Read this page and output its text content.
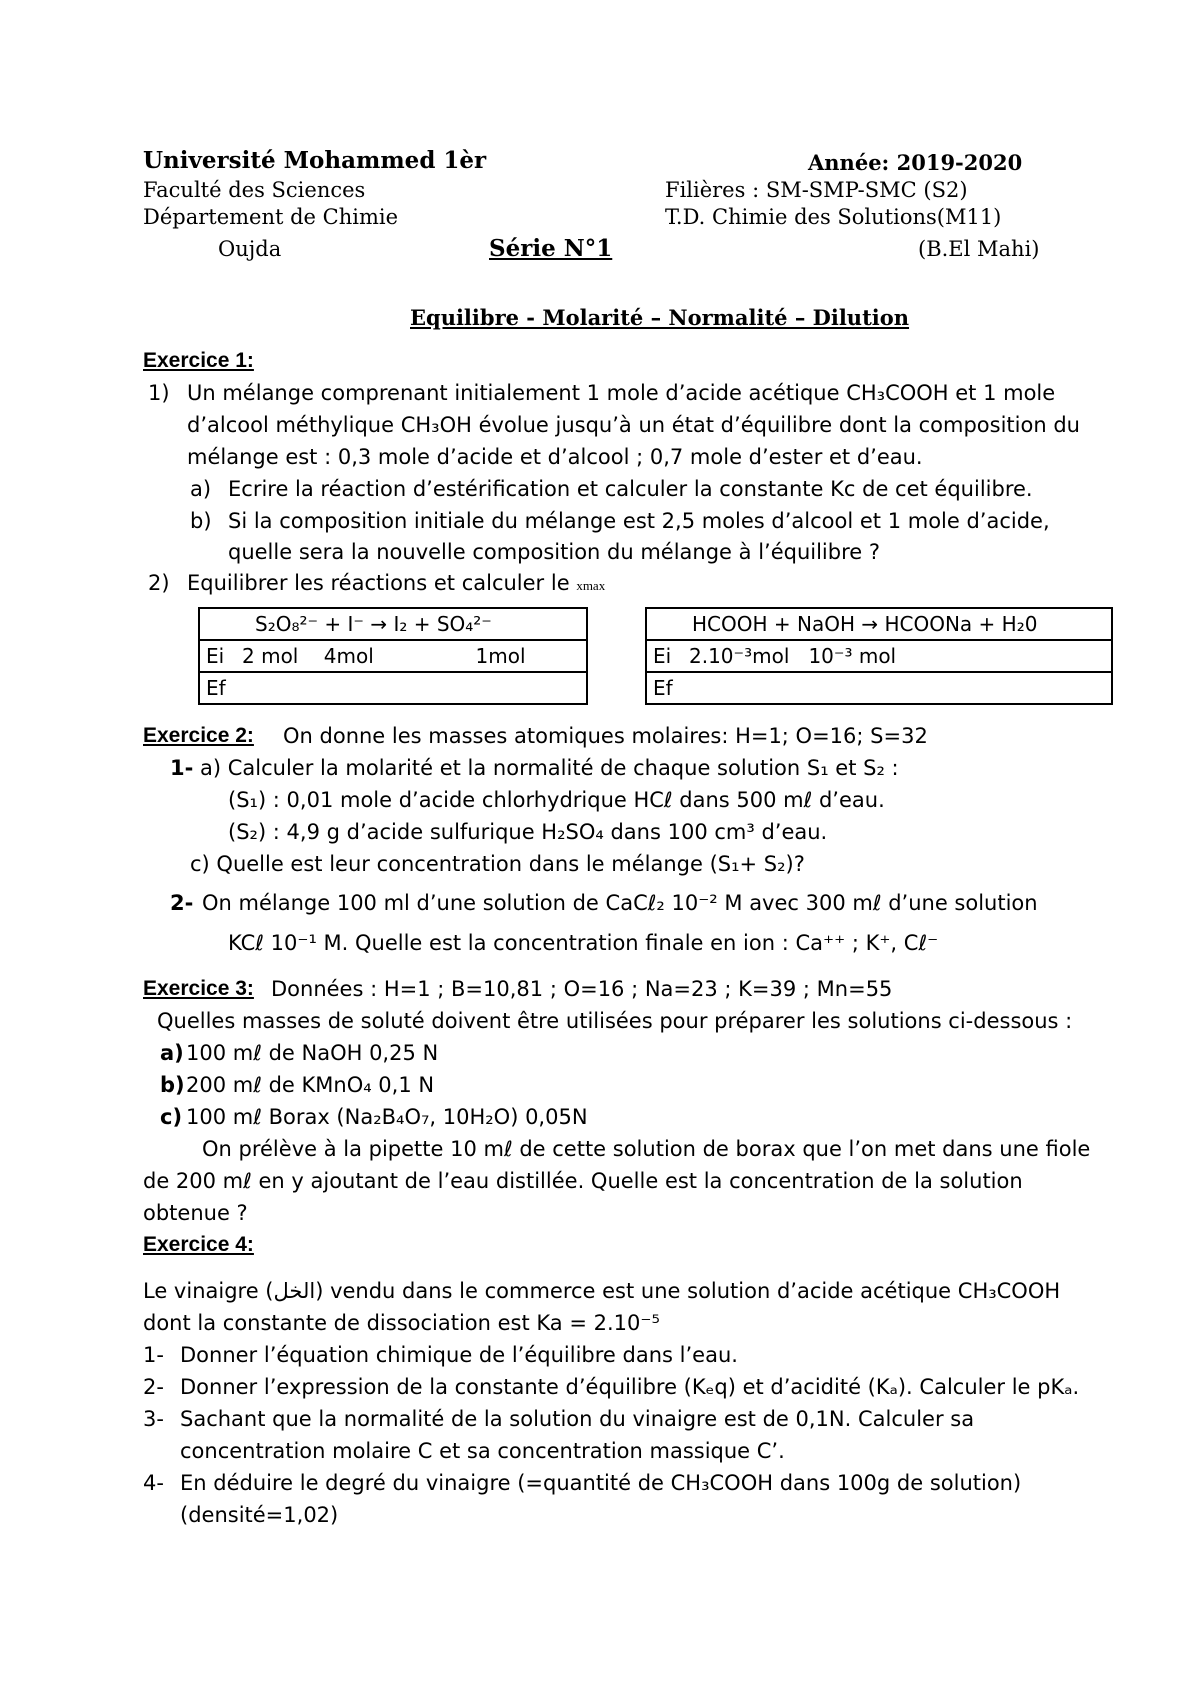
Université Mohammed 1èr	Année: 2019-2020
Faculté des Sciences	Filières : SM-SMP-SMC (S2)
Département de Chimie	T.D. Chimie des Solutions(M11)
Oujda	Série N°1	(B.El Mahi)
Equilibre - Molarité – Normalité – Dilution
Exercice 1:
1) Un mélange comprenant initialement 1 mole d’acide acétique CH₃COOH et 1 mole
d’alcool méthylique CH₃OH évolue jusqu’à un état d’équilibre dont la composition du
mélange est : 0,3 mole d’acide et d’alcool ; 0,7 mole d’ester et d’eau.
a) Ecrire la réaction d’estérification et calculer la constante Kc de cet équilibre.
b) Si la composition initiale du mélange est 2,5 moles d’alcool et 1 mole d’acide,
quelle sera la nouvelle composition du mélange à l’équilibre ?
2) Equilibrer les réactions et calculer le xmax
S₂O₈²⁻ + I⁻ → I₂ + SO₄²⁻	
Ei	2 mol    4mol                1mol
Ef	
HCOOH + NaOH → HCOONa + H₂0	
Ei	2.10⁻³mol   10⁻³ mol
Ef	
Exercice 2: On donne les masses atomiques molaires: H=1; O=16; S=32
1- a) Calculer la molarité et la normalité de chaque solution S₁ et S₂ :
(S₁) : 0,01 mole d’acide chlorhydrique HCℓ dans 500 mℓ d’eau.
(S₂) : 4,9 g d’acide sulfurique H₂SO₄ dans 100 cm³ d’eau.
c) Quelle est leur concentration dans le mélange (S₁+ S₂)?
2- On mélange 100 ml d’une solution de CaCℓ₂ 10⁻² M avec 300 mℓ d’une solution
KCℓ 10⁻¹ M. Quelle est la concentration finale en ion : Ca⁺⁺ ; K⁺, Cℓ⁻
Exercice 3: Données : H=1 ; B=10,81 ; O=16 ; Na=23 ; K=39 ; Mn=55
Quelles masses de soluté doivent être utilisées pour préparer les solutions ci-dessous :
a) 100 mℓ de NaOH 0,25 N
b) 200 mℓ de KMnO₄ 0,1 N
c) 100 mℓ Borax (Na₂B₄O₇, 10H₂O) 0,05N
On prélève à la pipette 10 mℓ de cette solution de borax que l’on met dans une fiole
de 200 mℓ en y ajoutant de l’eau distillée. Quelle est la concentration de la solution
obtenue ?
Exercice 4:
Le vinaigre (الخل) vendu dans le commerce est une solution d’acide acétique CH₃COOH
dont la constante de dissociation est Ka = 2.10⁻⁵
1- Donner l’équation chimique de l’équilibre dans l’eau.
2- Donner l’expression de la constante d’équilibre (Kₑq) et d’acidité (Kₐ). Calculer le pKₐ.
3- Sachant que la normalité de la solution du vinaigre est de 0,1N. Calculer sa
concentration molaire C et sa concentration massique C’.
4- En déduire le degré du vinaigre (=quantité de CH₃COOH dans 100g de solution)
(densité=1,02)
